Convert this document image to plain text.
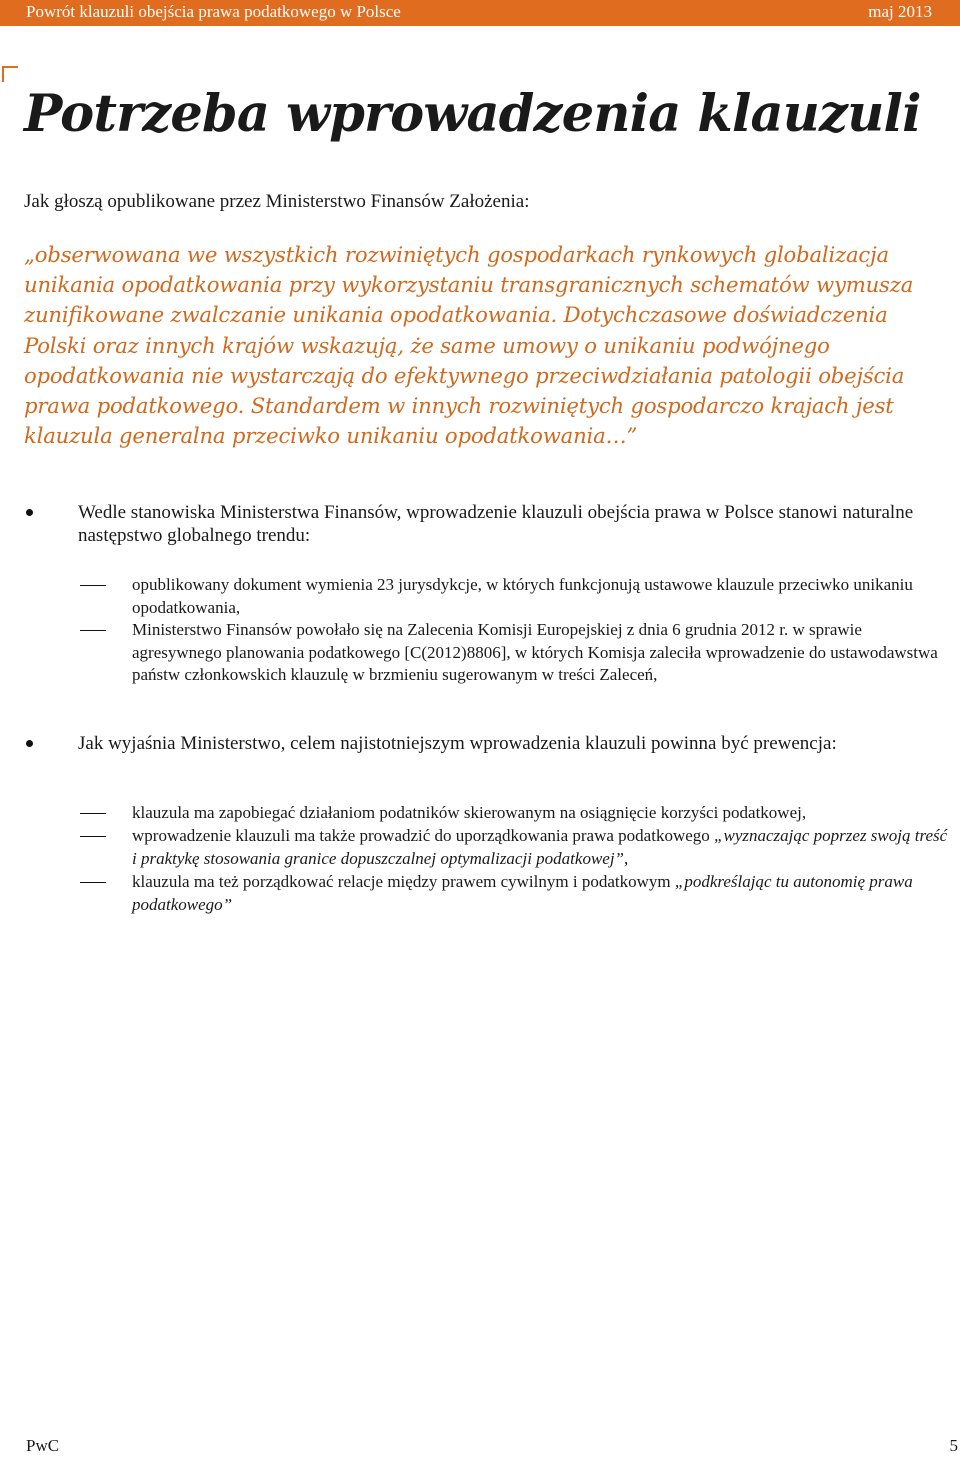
Powrót klauzuli obejścia prawa podatkowego w Polsce	maj 2013
Potrzeba wprowadzenia klauzuli

Jak głoszą opublikowane przez Ministerstwo Finansów Założenia:

„obserwowana we wszystkich rozwiniętych gospodarkach rynkowych globalizacja unikania opodatkowania przy wykorzystaniu transgranicznych schematów wymusza zunifikowane zwalczanie unikania opodatkowania. Dotychczasowe doświadczenia Polski oraz innych krajów wskazują, że same umowy o unikaniu podwójnego opodatkowania nie wystarczają do efektywnego przeciwdziałania patologii obejścia prawa podatkowego. Standardem w innych rozwiniętych gospodarczo krajach jest klauzula generalna przeciwko unikaniu opodatkowania…”

Wedle stanowiska Ministerstwa Finansów, wprowadzenie klauzuli obejścia prawa w Polsce stanowi naturalne następstwo globalnego trendu:
opublikowany dokument wymienia 23 jurysdykcje, w których funkcjonują ustawowe klauzule przeciwko unikaniu opodatkowania,
Ministerstwo Finansów powołało się na Zalecenia Komisji Europejskiej z dnia 6 grudnia 2012 r. w sprawie agresywnego planowania podatkowego [C(2012)8806], w których Komisja zaleciła wprowadzenie do ustawodawstwa państw członkowskich klauzulę w brzmieniu sugerowanym w treści Zaleceń,
Jak wyjaśnia Ministerstwo, celem najistotniejszym wprowadzenia klauzuli powinna być prewencja:
klauzula ma zapobiegać działaniom podatników skierowanym na osiągnięcie korzyści podatkowej,
wprowadzenie klauzuli ma także prowadzić do uporządkowania prawa podatkowego „wyznaczając poprzez swoją treść i praktykę stosowania granice dopuszczalnej optymalizacji podatkowej”,
klauzula ma też porządkować relacje między prawem cywilnym i podatkowym „podkreślając tu autonomię prawa podatkowego”
PwC	5
